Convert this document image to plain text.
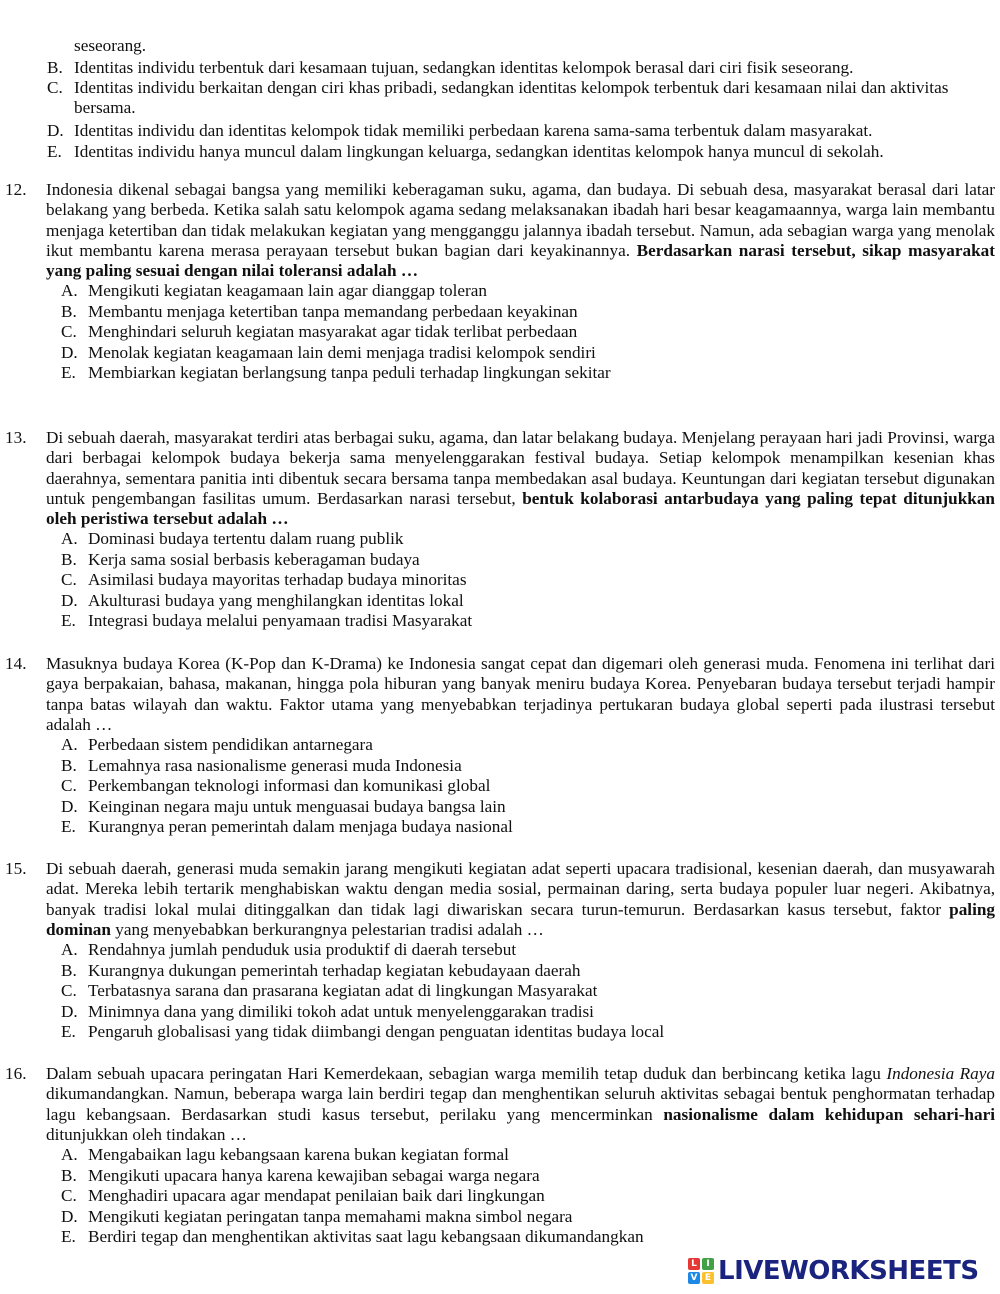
seseorang.
B. Identitas individu terbentuk dari kesamaan tujuan, sedangkan identitas kelompok berasal dari ciri fisik seseorang.
C. Identitas individu berkaitan dengan ciri khas pribadi, sedangkan identitas kelompok terbentuk dari kesamaan nilai dan aktivitas bersama.
D. Identitas individu dan identitas kelompok tidak memiliki perbedaan karena sama-sama terbentuk dalam masyarakat.
E. Identitas individu hanya muncul dalam lingkungan keluarga, sedangkan identitas kelompok hanya muncul di sekolah.
12. Indonesia dikenal sebagai bangsa yang memiliki keberagaman suku, agama, dan budaya. Di sebuah desa, masyarakat berasal dari latar belakang yang berbeda. Ketika salah satu kelompok agama sedang melaksanakan ibadah hari besar keagamaannya, warga lain membantu menjaga ketertiban dan tidak melakukan kegiatan yang mengganggu jalannya ibadah tersebut. Namun, ada sebagian warga yang menolak ikut membantu karena merasa perayaan tersebut bukan bagian dari keyakinannya. Berdasarkan narasi tersebut, sikap masyarakat yang paling sesuai dengan nilai toleransi adalah …
A. Mengikuti kegiatan keagamaan lain agar dianggap toleran
B. Membantu menjaga ketertiban tanpa memandang perbedaan keyakinan
C. Menghindari seluruh kegiatan masyarakat agar tidak terlibat perbedaan
D. Menolak kegiatan keagamaan lain demi menjaga tradisi kelompok sendiri
E. Membiarkan kegiatan berlangsung tanpa peduli terhadap lingkungan sekitar
13. Di sebuah daerah, masyarakat terdiri atas berbagai suku, agama, dan latar belakang budaya. Menjelang perayaan hari jadi Provinsi, warga dari berbagai kelompok budaya bekerja sama menyelenggarakan festival budaya. Setiap kelompok menampilkan kesenian khas daerahnya, sementara panitia inti dibentuk secara bersama tanpa membedakan asal budaya. Keuntungan dari kegiatan tersebut digunakan untuk pengembangan fasilitas umum. Berdasarkan narasi tersebut, bentuk kolaborasi antarbudaya yang paling tepat ditunjukkan oleh peristiwa tersebut adalah …
A. Dominasi budaya tertentu dalam ruang publik
B. Kerja sama sosial berbasis keberagaman budaya
C. Asimilasi budaya mayoritas terhadap budaya minoritas
D. Akulturasi budaya yang menghilangkan identitas lokal
E. Integrasi budaya melalui penyamaan tradisi Masyarakat
14. Masuknya budaya Korea (K-Pop dan K-Drama) ke Indonesia sangat cepat dan digemari oleh generasi muda. Fenomena ini terlihat dari gaya berpakaian, bahasa, makanan, hingga pola hiburan yang banyak meniru budaya Korea. Penyebaran budaya tersebut terjadi hampir tanpa batas wilayah dan waktu. Faktor utama yang menyebabkan terjadinya pertukaran budaya global seperti pada ilustrasi tersebut adalah …
A. Perbedaan sistem pendidikan antarnegara
B. Lemahnya rasa nasionalisme generasi muda Indonesia
C. Perkembangan teknologi informasi dan komunikasi global
D. Keinginan negara maju untuk menguasai budaya bangsa lain
E. Kurangnya peran pemerintah dalam menjaga budaya nasional
15. Di sebuah daerah, generasi muda semakin jarang mengikuti kegiatan adat seperti upacara tradisional, kesenian daerah, dan musyawarah adat. Mereka lebih tertarik menghabiskan waktu dengan media sosial, permainan daring, serta budaya populer luar negeri. Akibatnya, banyak tradisi lokal mulai ditinggalkan dan tidak lagi diwariskan secara turun-temurun. Berdasarkan kasus tersebut, faktor paling dominan yang menyebabkan berkurangnya pelestarian tradisi adalah …
A. Rendahnya jumlah penduduk usia produktif di daerah tersebut
B. Kurangnya dukungan pemerintah terhadap kegiatan kebudayaan daerah
C. Terbatasnya sarana dan prasarana kegiatan adat di lingkungan Masyarakat
D. Minimnya dana yang dimiliki tokoh adat untuk menyelenggarakan tradisi
E. Pengaruh globalisasi yang tidak diimbangi dengan penguatan identitas budaya local
16. Dalam sebuah upacara peringatan Hari Kemerdekaan, sebagian warga memilih tetap duduk dan berbincang ketika lagu Indonesia Raya dikumandangkan. Namun, beberapa warga lain berdiri tegap dan menghentikan seluruh aktivitas sebagai bentuk penghormatan terhadap lagu kebangsaan. Berdasarkan studi kasus tersebut, perilaku yang mencerminkan nasionalisme dalam kehidupan sehari-hari ditunjukkan oleh tindakan …
A. Mengabaikan lagu kebangsaan karena bukan kegiatan formal
B. Mengikuti upacara hanya karena kewajiban sebagai warga negara
C. Menghadiri upacara agar mendapat penilaian baik dari lingkungan
D. Mengikuti kegiatan peringatan tanpa memahami makna simbol negara
E. Berdiri tegap dan menghentikan aktivitas saat lagu kebangsaan dikumandangkan
L	I
V E LIVEWORKSHEETS
